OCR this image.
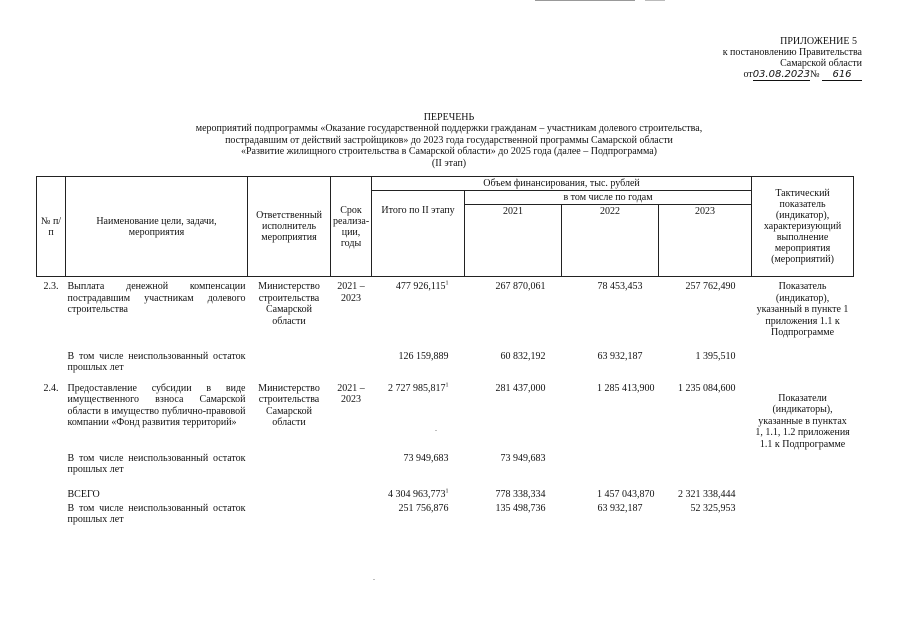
ПРИЛОЖЕНИЕ 5
к постановлению Правительства
Самарской области
от03.08.2023№ 616
ПЕРЕЧЕНЬ
мероприятий подпрограммы «Оказание государственной поддержки гражданам – участникам долевого строительства,
пострадавшим от действий застройщиков» до 2023 года государственной программы Самарской области
«Развитие жилищного строительства в Самарской области» до 2025 года (далее – Подпрограмма)
(II этап)
№ п/п	Наименование цели, задачи, мероприятия	Ответственный исполнитель мероприятия	Срок реализа-ции, годы	Объем финансирования, тыс. рублей				Тактический показатель (индикатор), характеризующий выполнение мероприятия (мероприятий)
				Итого по II этапу	в том числе по годам			
					2021	2022	2023	
2.3.	Выплата денежной компенсации пострадавшим участникам долевого строительства	Министерство строительства Самарской области	2021 – 2023	477 926,115$^1$	267 870,061	78 453,453	257 762,490	Показатель (индикатор), указанный в пункте 1 приложения 1.1 к Подпрограмме
	В том числе неиспользованный остаток прошлых лет			126 159,889	60 832,192	63 932,187	1 395,510	
2.4.	Предоставление субсидии в виде имущественного взноса Самарской области в имущество публично-правовой компании «Фонд развития территорий»	Министерство строительства Самарской области	2021 – 2023	2 727 985,817$^1$	281 437,000	1 285 413,900	1 235 084,600	Показатели (индикаторы), указанные в пунктах 1, 1.1, 1.2 приложения 1.1 к Подпрограмме
	В том числе неиспользованный остаток прошлых лет			73 949,683	73 949,683			
	ВСЕГО			4 304 963,773$^1$	778 338,334	1 457 043,870	2 321 338,444	
	В том числе неиспользованный остаток прошлых лет			251 756,876	135 498,736	63 932,187	52 325,953	
.
.
